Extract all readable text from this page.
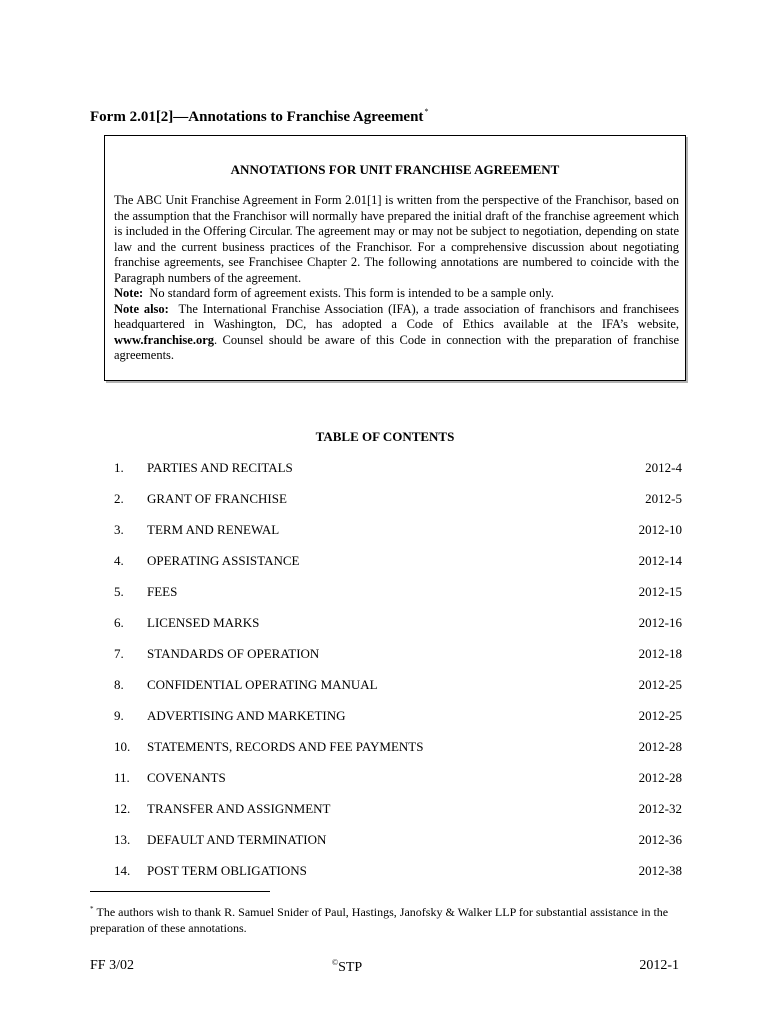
Form 2.01[2]—Annotations to Franchise Agreement*
ANNOTATIONS FOR UNIT FRANCHISE AGREEMENT

The ABC Unit Franchise Agreement in Form 2.01[1] is written from the perspective of the Franchisor, based on the assumption that the Franchisor will normally have prepared the initial draft of the franchise agreement which is included in the Offering Circular. The agreement may or may not be subject to negotiation, depending on state law and the current business practices of the Franchisor. For a comprehensive discussion about negotiating franchise agreements, see Franchisee Chapter 2. The following annotations are numbered to coincide with the Paragraph numbers of the agreement.

Note: No standard form of agreement exists. This form is intended to be a sample only.

Note also: The International Franchise Association (IFA), a trade association of franchisors and franchisees headquartered in Washington, DC, has adopted a Code of Ethics available at the IFA’s website, www.franchise.org. Counsel should be aware of this Code in connection with the preparation of franchise agreements.

TABLE OF CONTENTS
1. PARTIES AND RECITALS	2012-4
2. GRANT OF FRANCHISE	2012-5
3. TERM AND RENEWAL	2012-10
4. OPERATING ASSISTANCE	2012-14
5. FEES	2012-15
6. LICENSED MARKS	2012-16
7. STANDARDS OF OPERATION	2012-18
8. CONFIDENTIAL OPERATING MANUAL	2012-25
9. ADVERTISING AND MARKETING	2012-25
10. STATEMENTS, RECORDS AND FEE PAYMENTS	2012-28
11. COVENANTS	2012-28
12. TRANSFER AND ASSIGNMENT	2012-32
13. DEFAULT AND TERMINATION	2012-36
14. POST TERM OBLIGATIONS	2012-38
* The authors wish to thank R. Samuel Snider of Paul, Hastings, Janofsky & Walker LLP for substantial assistance in the preparation of these annotations.
FF 3/02	©STP	2012-1
